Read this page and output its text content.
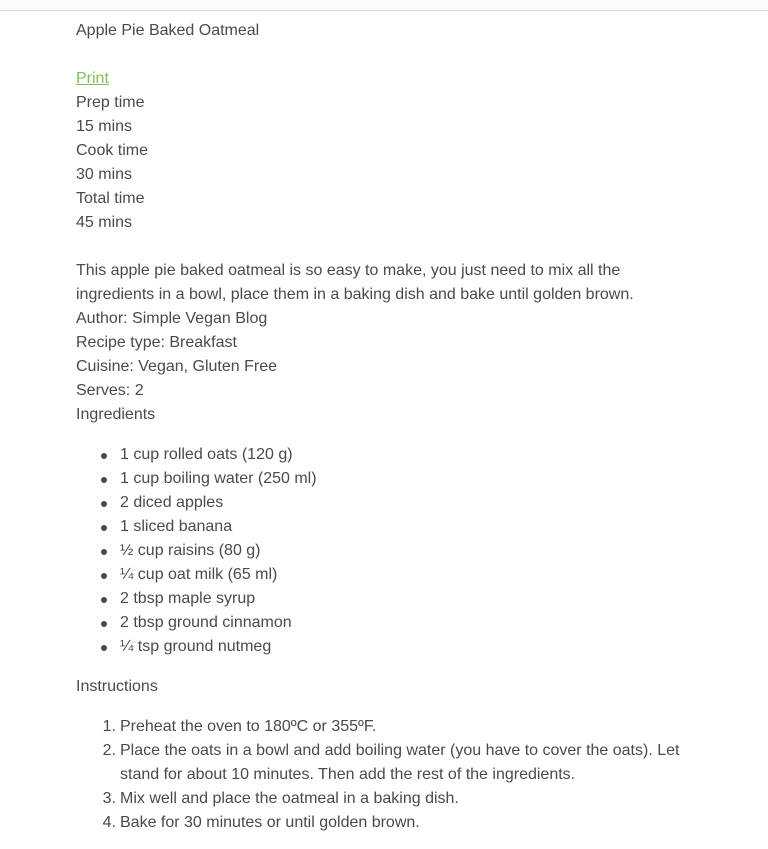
Apple Pie Baked Oatmeal

Print

Prep time

15 mins

Cook time

30 mins

Total time

45 mins

This apple pie baked oatmeal is so easy to make, you just need to mix all the ingredients in a bowl, place them in a baking dish and bake until golden brown.

Author: Simple Vegan Blog

Recipe type: Breakfast

Cuisine: Vegan, Gluten Free

Serves: 2

Ingredients

1 cup rolled oats (120 g)
1 cup boiling water (250 ml)
2 diced apples
1 sliced banana
½ cup raisins (80 g)
¼ cup oat milk (65 ml)
2 tbsp maple syrup
2 tbsp ground cinnamon
¼ tsp ground nutmeg

Instructions

1. Preheat the oven to 180ºC or 355ºF.
2. Place the oats in a bowl and add boiling water (you have to cover the oats). Let stand for about 10 minutes. Then add the rest of the ingredients.
3. Mix well and place the oatmeal in a baking dish.
4. Bake for 30 minutes or until golden brown.
